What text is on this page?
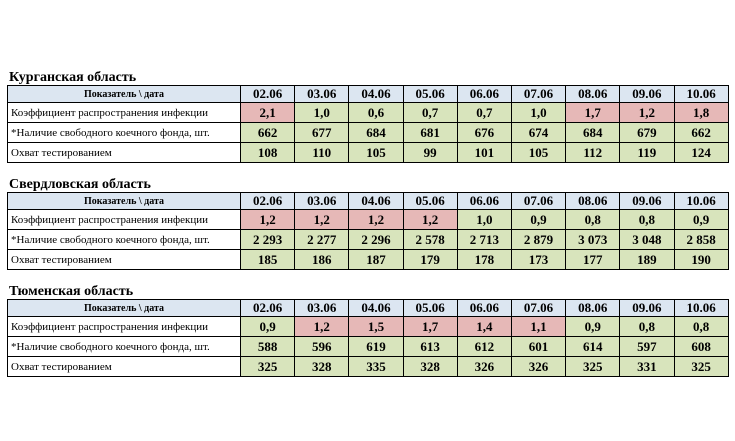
Курганская область
Показатель \ дата	02.06	03.06	04.06	05.06	06.06	07.06	08.06	09.06	10.06
Коэффициент распространения инфекции	2,1	1,0	0,6	0,7	0,7	1,0	1,7	1,2	1,8
*Наличие свободного коечного фонда, шт.	662	677	684	681	676	674	684	679	662
Охват тестированием	108	110	105	99	101	105	112	119	124
Свердловская область
Показатель \ дата	02.06	03.06	04.06	05.06	06.06	07.06	08.06	09.06	10.06
Коэффициент распространения инфекции	1,2	1,2	1,2	1,2	1,0	0,9	0,8	0,8	0,9
*Наличие свободного коечного фонда, шт.	2 293	2 277	2 296	2 578	2 713	2 879	3 073	3 048	2 858
Охват тестированием	185	186	187	179	178	173	177	189	190
Тюменская область
Показатель \ дата	02.06	03.06	04.06	05.06	06.06	07.06	08.06	09.06	10.06
Коэффициент распространения инфекции	0,9	1,2	1,5	1,7	1,4	1,1	0,9	0,8	0,8
*Наличие свободного коечного фонда, шт.	588	596	619	613	612	601	614	597	608
Охват тестированием	325	328	335	328	326	326	325	331	325
